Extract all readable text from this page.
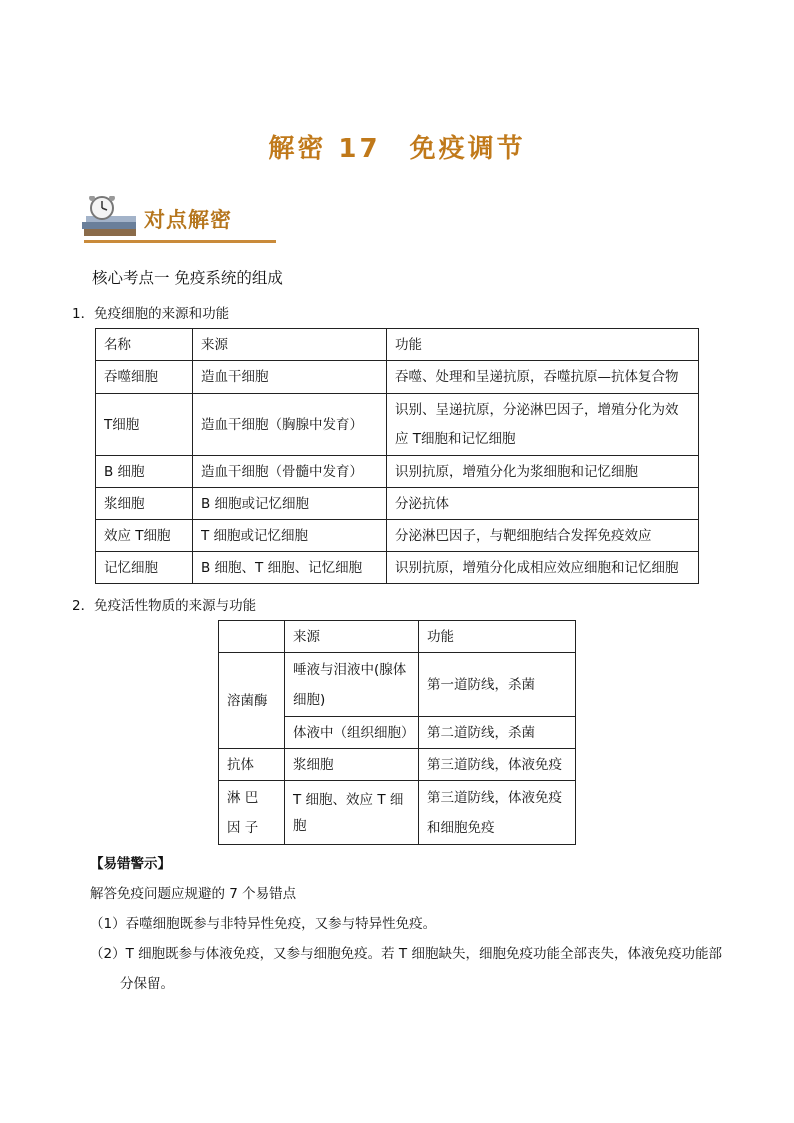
解密 17　免疫调节
对点解密
核心考点一 免疫系统的组成
1．免疫细胞的来源和功能
名称	来源	功能
吞噬细胞	造血干细胞	吞噬、处理和呈递抗原，吞噬抗原—抗体复合物
T细胞	造血干细胞（胸腺中发育）	识别、呈递抗原，分泌淋巴因子，增殖分化为效应 T细胞和记忆细胞
B 细胞	造血干细胞（骨髓中发育）	识别抗原，增殖分化为浆细胞和记忆细胞
浆细胞	B 细胞或记忆细胞	分泌抗体
效应 T细胞	T 细胞或记忆细胞	分泌淋巴因子，与靶细胞结合发挥免疫效应
记忆细胞	B 细胞、T 细胞、记忆细胞	识别抗原，增殖分化成相应效应细胞和记忆细胞
2．免疫活性物质的来源与功能
	来源	功能
溶菌酶	唾液与泪液中(腺体细胞)	第一道防线，杀菌
	体液中（组织细胞）	第二道防线，杀菌
抗体	浆细胞	第三道防线，体液免疫
淋 巴 因 子	T 细胞、效应 T 细胞	第三道防线，体液免疫和细胞免疫
【易错警示】
解答免疫问题应规避的 7 个易错点
（1）吞噬细胞既参与非特异性免疫，又参与特异性免疫。
（2）T 细胞既参与体液免疫，又参与细胞免疫。若 T 细胞缺失，细胞免疫功能全部丧失，体液免疫功能部分保留。
